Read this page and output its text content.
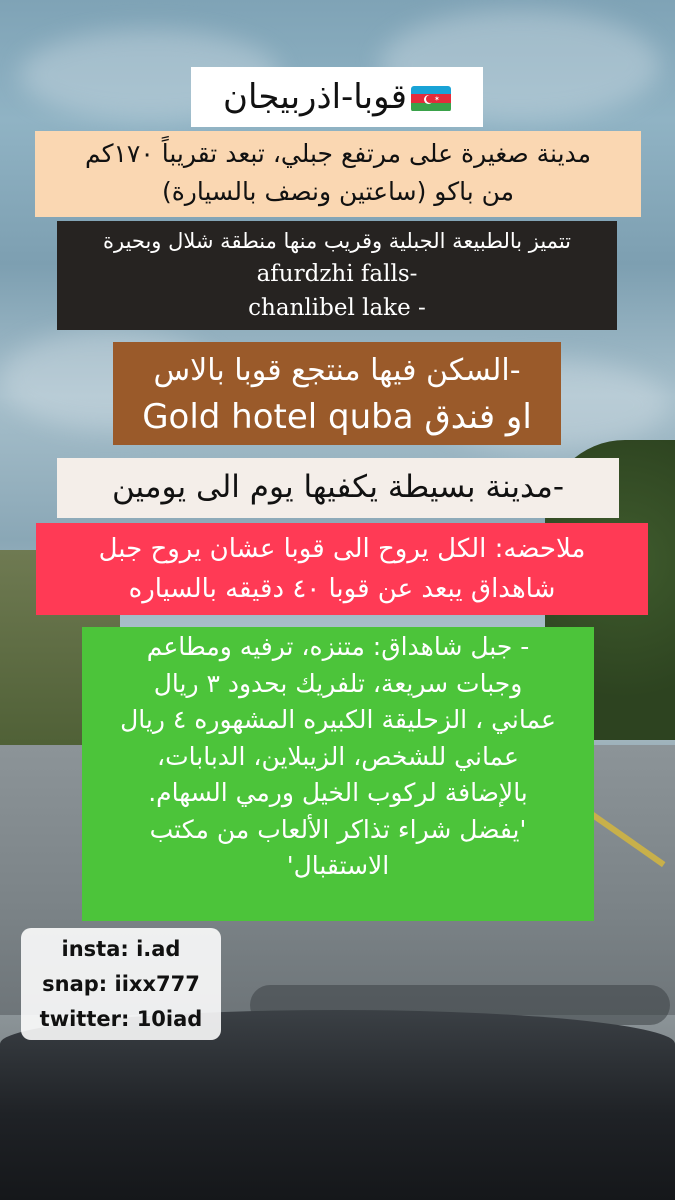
✶
قوبا-اذربيجان
مدينة صغيرة على مرتفع جبلي، تبعد تقريباً ١٧٠كم
من باكو (ساعتين ونصف بالسيارة)
تتميز بالطبيعة الجبلية وقريب منها منطقة شلال وبحيرة
afurdzhi falls-
chanlibel lake -
-السكن فيها منتجع قوبا بالاس
او فندق Gold hotel quba
-مدينة بسيطة يكفيها يوم الى يومين
ملاحضه: الكل يروح الى قوبا عشان يروح جبل
شاهداق يبعد عن قوبا ٤٠ دقيقه بالسياره
- جبل شاهداق: متنزه، ترفيه ومطاعم
وجبات سريعة، تلفريك بحدود ٣ ريال
عماني ، الزحليقة الكبيره المشهوره ٤ ريال
عماني للشخص، الزيبلاين، الدبابات،
بالإضافة لركوب الخيل ورمي السهام.
'يفضل شراء تذاكر الألعاب من مكتب
الاستقبال'
insta: i.ad
snap: iixx777
twitter: 10iad
